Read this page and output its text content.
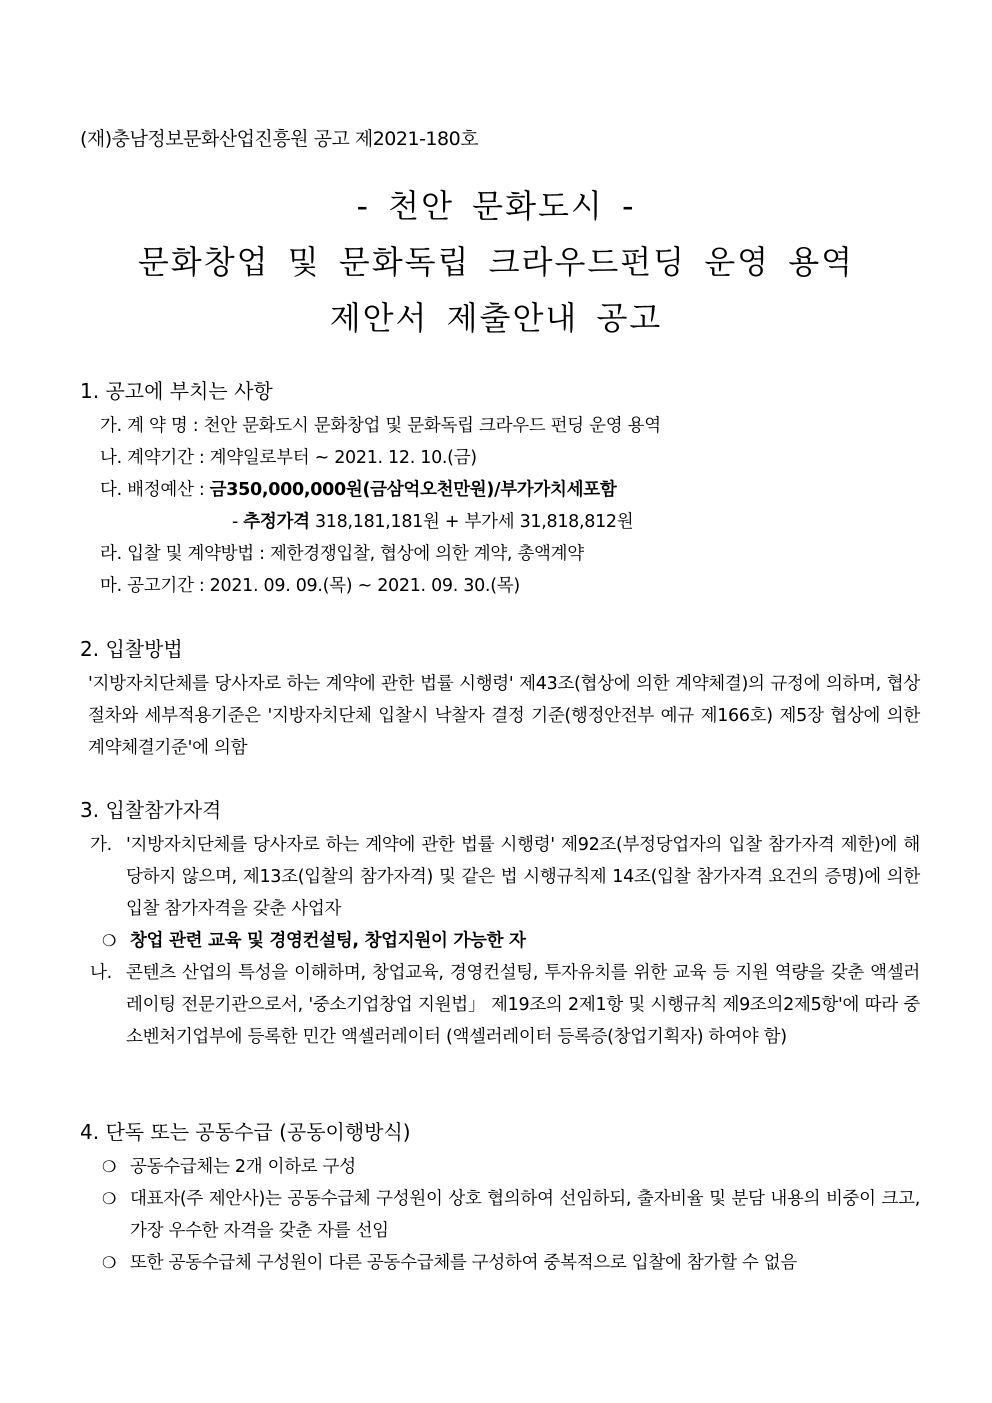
(재)충남정보문화산업진흥원 공고 제2021-180호
- 천안 문화도시 -
문화창업 및 문화독립 크라우드펀딩 운영 용역
제안서 제출안내 공고
1. 공고에 부치는 사항
가. 계 약 명 : 천안 문화도시 문화창업 및 문화독립 크라우드 펀딩 운영 용역
나. 계약기간 : 계약일로부터 ~ 2021. 12. 10.(금)
다. 배정예산 : 금350,000,000원(금삼억오천만원)/부가가치세포함
- 추정가격 318,181,181원 + 부가세 31,818,812원
라. 입찰 및 계약방법 : 제한경쟁입찰, 협상에 의한 계약, 총액계약
마. 공고기간 : 2021. 09. 09.(목) ~ 2021. 09. 30.(목)
2. 입찰방법
'지방자치단체를 당사자로 하는 계약에 관한 법률 시행령' 제43조(협상에 의한 계약체결)의 규정에 의하며, 협상절차와 세부적용기준은 '지방자치단체 입찰시 낙찰자 결정 기준(행정안전부 예규 제166호) 제5장 협상에 의한 계약체결기준'에 의함
3. 입찰참가자격
가. '지방자치단체를 당사자로 하는 계약에 관한 법률 시행령' 제92조(부정당업자의 입찰 참가자격 제한)에 해당하지 않으며, 제13조(입찰의 참가자격) 및 같은 법 시행규칙제 14조(입찰 참가자격 요건의 증명)에 의한 입찰 참가자격을 갖춘 사업자
❍ 창업 관련 교육 및 경영컨설팅, 창업지원이 가능한 자
나. 콘텐츠 산업의 특성을 이해하며, 창업교육, 경영컨설팅, 투자유치를 위한 교육 등 지원 역량을 갖춘 액셀러레이팅 전문기관으로서, '중소기업창업 지원법」 제19조의 2제1항 및 시행규칙 제9조의2제5항'에 따라 중소벤처기업부에 등록한 민간 액셀러레이터 (액셀러레이터 등록증(창업기획자) 하여야 함)
4. 단독 또는 공동수급 (공동이행방식)
❍ 공동수급체는 2개 이하로 구성
❍ 대표자(주 제안사)는 공동수급체 구성원이 상호 협의하여 선임하되, 출자비율 및 분담 내용의 비중이 크고, 가장 우수한 자격을 갖춘 자를 선임
❍ 또한 공동수급체 구성원이 다른 공동수급체를 구성하여 중복적으로 입찰에 참가할 수 없음
